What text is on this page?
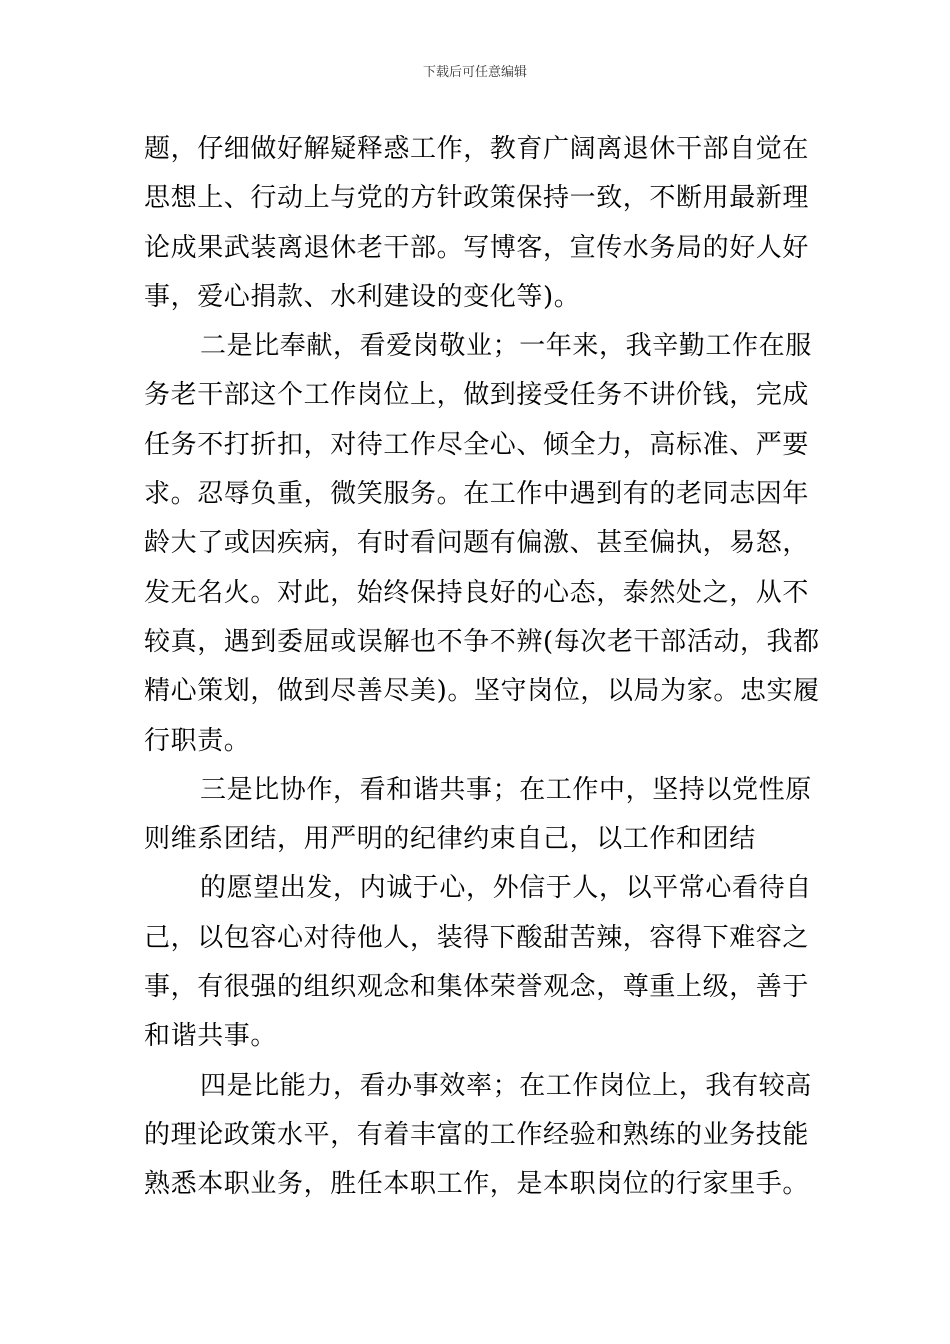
下载后可任意编辑
题，仔细做好解疑释惑工作，教育广阔离退休干部自觉在
思想上、行动上与党的方针政策保持一致，不断用最新理
论成果武装离退休老干部。写博客，宣传水务局的好人好
事，爱心捐款、水利建设的变化等)。
二是比奉献，看爱岗敬业；一年来，我辛勤工作在服
务老干部这个工作岗位上，做到接受任务不讲价钱，完成
任务不打折扣，对待工作尽全心、倾全力，高标准、严要
求。忍辱负重，微笑服务。在工作中遇到有的老同志因年
龄大了或因疾病，有时看问题有偏激、甚至偏执，易怒，
发无名火。对此，始终保持良好的心态，泰然处之，从不
较真，遇到委屈或误解也不争不辨(每次老干部活动，我都
精心策划，做到尽善尽美)。坚守岗位，以局为家。忠实履
行职责。
三是比协作，看和谐共事；在工作中，坚持以党性原
则维系团结，用严明的纪律约束自己，以工作和团结
的愿望出发，内诚于心，外信于人，以平常心看待自
己，以包容心对待他人，装得下酸甜苦辣，容得下难容之
事，有很强的组织观念和集体荣誉观念，尊重上级，善于
和谐共事。
四是比能力，看办事效率；在工作岗位上，我有较高
的理论政策水平，有着丰富的工作经验和熟练的业务技能
熟悉本职业务，胜任本职工作，是本职岗位的行家里手。
